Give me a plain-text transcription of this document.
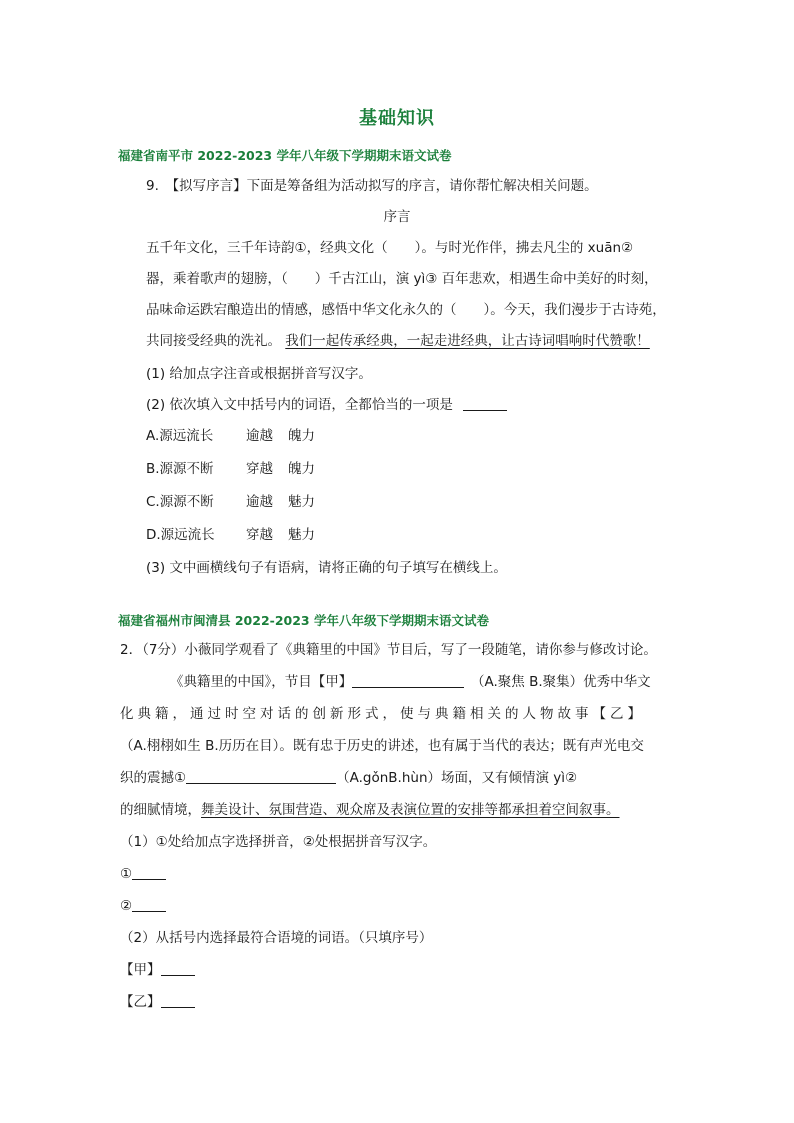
基础知识
福建省南平市 2022-2023 学年八年级下学期期末语文试卷
9.　【拟写序言】下面是筹备组为活动拟写的序言，请你帮忙解决相关问题。
序言
五千年文化，三千年诗韵①，经典文化（　　）。与时光作伴，拂去凡尘的 xuān②
器，乘着歌声的翅膀，（　　）千古江山，演 yì③ 百年悲欢，相遇生命中美好的时刻，
品味命运跌宕酿造出的情感，感悟中华文化永久的（　　）。今天，我们漫步于古诗苑，
共同接受经典的洗礼。 我们一起传承经典，一起走进经典，让古诗词唱响时代赞歌！
(1) 给加点字注音或根据拼音写汉字。
(2) 依次填入文中括号内的词语，全都恰当的一项是
A.源远流长 逾越 魄力
B.源源不断 穿越 魄力
C.源源不断 逾越 魅力
D.源远流长 穿越 魅力
(3) 文中画横线句子有语病，请将正确的句子填写在横线上。
福建省福州市闽清县 2022-2023 学年八年级下学期期末语文试卷
2．（7分）小薇同学观看了《典籍里的中国》节目后，写了一段随笔，请你参与修改讨论。
《典籍里的中国》，节目【甲】　	（A.聚焦 B.聚集）优秀中华文
化典籍，通过时空对话的创新形式，使与典籍相关的人物故事【乙】
（A.栩栩如生 B.历历在目）。既有忠于历史的讲述，也有属于当代的表达；既有声光电交
织的震撼①	（A.gǒnB.hùn）场面，又有倾情演 yì②
的细腻情境，舞美设计、氛围营造、观众席及表演位置的安排等都承担着空间叙事。
（1）①处给加点字选择拼音，②处根据拼音写汉字。
①
②
（2）从括号内选择最符合语境的词语。（只填序号）
【甲】
【乙】
